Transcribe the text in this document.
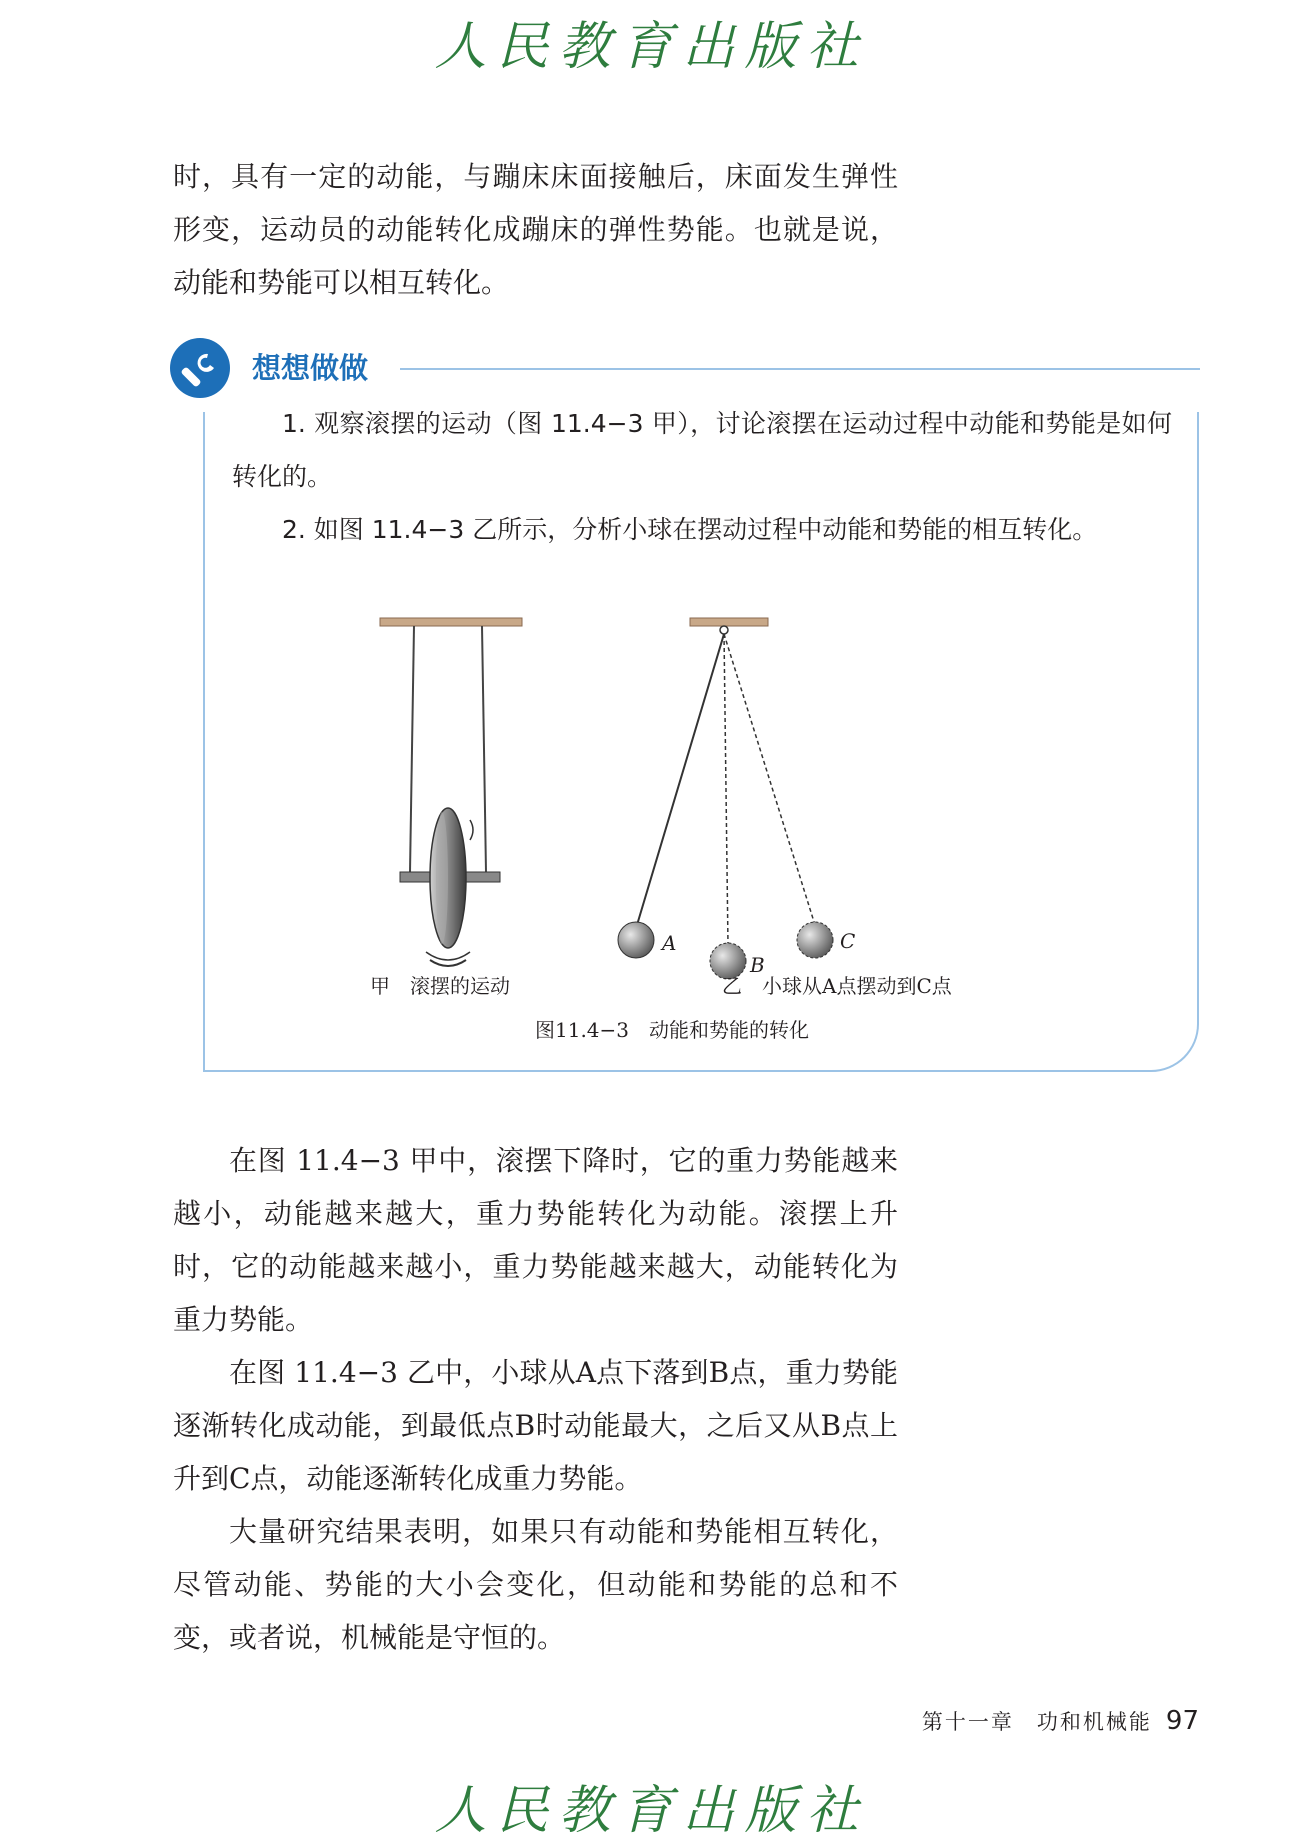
人民教育出版社

时，具有一定的动能，与蹦床床面接触后，床面发生弹性形变，运动员的动能转化成蹦床的弹性势能。也就是说，动能和势能可以相互转化。

想想做做

1. 观察滚摆的运动（图 11.4−3 甲），讨论滚摆在运动过程中动能和势能是如何转化的。

2. 如图 11.4−3 乙所示，分析小球在摆动过程中动能和势能的相互转化。

A
B
C
甲　滚摆的运动	乙　小球从A点摆动到C点
图11.4−3　动能和势能的转化

在图 11.4−3 甲中，滚摆下降时，它的重力势能越来越小，动能越来越大，重力势能转化为动能。滚摆上升时，它的动能越来越小，重力势能越来越大，动能转化为重力势能。

在图 11.4−3 乙中，小球从A点下落到B点，重力势能逐渐转化成动能，到最低点B时动能最大，之后又从B点上升到C点，动能逐渐转化成重力势能。

大量研究结果表明，如果只有动能和势能相互转化，尽管动能、势能的大小会变化，但动能和势能的总和不变，或者说，机械能是守恒的。

第十一章　功和机械能 97
人民教育出版社
